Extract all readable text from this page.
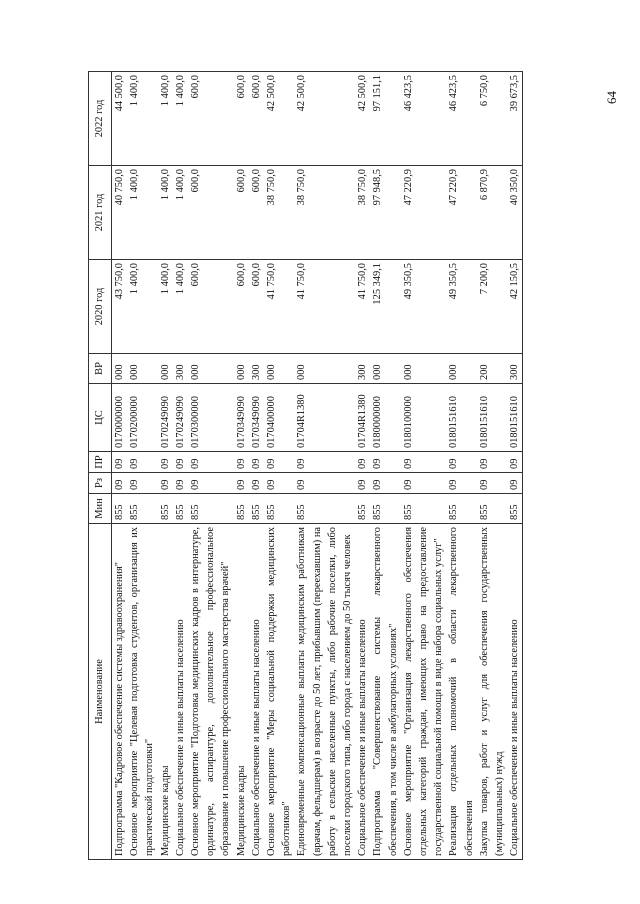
64
Наименование	Мин	Рз	ПР	ЦС	ВР	2020 год	2021 год	2022 год
Подпрограмма "Кадровое обеспечение системы здравоохранения"	855	09	09	0170000000	000	43 750,0	40 750,0	44 500,0
Основное мероприятие "Целевая подготовка студентов, организация их практической подготовки"	855	09	09	0170200000	000	1 400,0	1 400,0	1 400,0
Медицинские кадры	855	09	09	0170249090	000	1 400,0	1 400,0	1 400,0
Социальное обеспечение и иные выплаты населению	855	09	09	0170249090	300	1 400,0	1 400,0	1 400,0
Основное мероприятие "Подготовка медицинских кадров в интернатуре, ординатуре, аспирантуре, дополнительное профессиональное образование и повышение профессионального мастерства врачей"	855	09	09	0170300000	000	600,0	600,0	600,0
Медицинские кадры	855	09	09	0170349090	000	600,0	600,0	600,0
Социальное обеспечение и иные выплаты населению	855	09	09	0170349090	300	600,0	600,0	600,0
Основное мероприятие "Меры социальной поддержки медицинских работников"	855	09	09	0170400000	000	41 750,0	38 750,0	42 500,0
Единовременные компенсационные выплаты медицинским работникам (врачам, фельдшерам) в возрасте до 50 лет, прибывшим (переехавшим) на работу в сельские населенные пункты, либо рабочие поселки, либо поселки городского типа, либо города с населением до 50 тысяч человек	855	09	09	01704R1380	000	41 750,0	38 750,0	42 500,0
Социальное обеспечение и иные выплаты населению	855	09	09	01704R1380	300	41 750,0	38 750,0	42 500,0
Подпрограмма "Совершенствование системы лекарственного обеспечения, в том числе в амбулаторных условиях"	855	09	09	0180000000	000	125 349,1	97 948,5	97 151,1
Основное мероприятие "Организация лекарственного обеспечения отдельных категорий граждан, имеющих право на предоставление государственной социальной помощи в виде набора социальных услуг"	855	09	09	0180100000	000	49 350,5	47 220,9	46 423,5
Реализация отдельных полномочий в области лекарственного обеспечения	855	09	09	0180151610	000	49 350,5	47 220,9	46 423,5
Закупка товаров, работ и услуг для обеспечения государственных (муниципальных) нужд	855	09	09	0180151610	200	7 200,0	6 870,9	6 750,0
Социальное обеспечение и иные выплаты населению	855	09	09	0180151610	300	42 150,5	40 350,0	39 673,5
